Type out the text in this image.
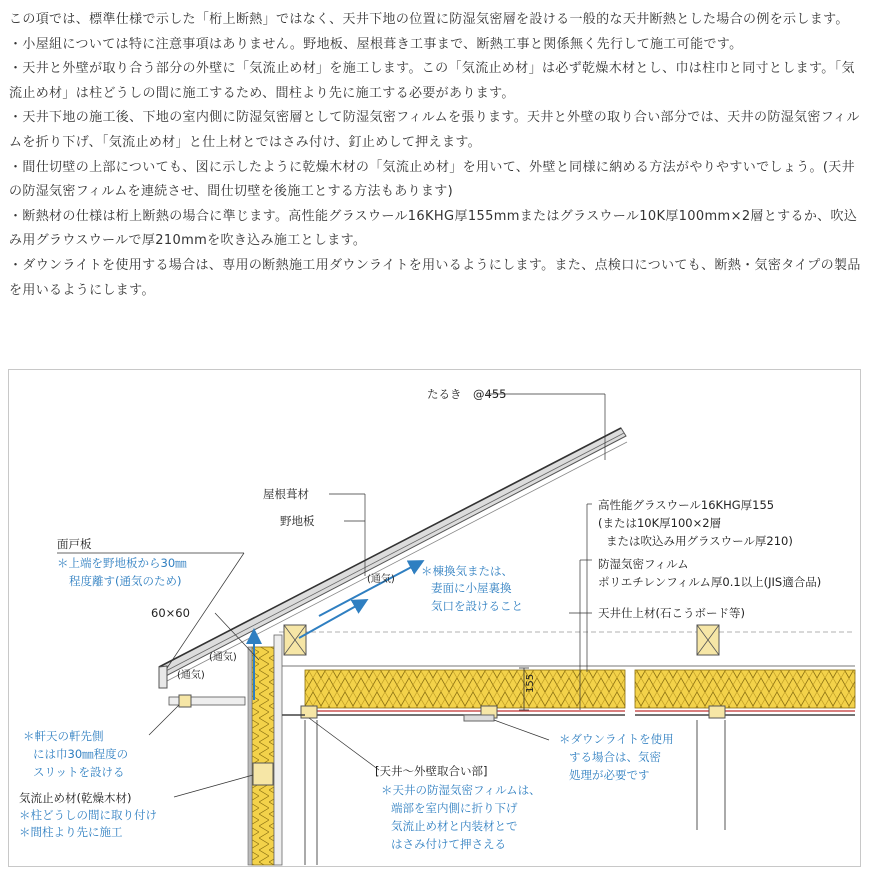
この項では、標準仕様で示した「桁上断熱」ではなく、天井下地の位置に防湿気密層を設ける一般的な天井断熱とした場合の例を示します。

・小屋組については特に注意事項はありません。野地板、屋根葺き工事まで、断熱工事と関係無く先行して施工可能です。

・天井と外壁が取り合う部分の外壁に「気流止め材」を施工します。この「気流止め材」は必ず乾燥木材とし、巾は柱巾と同寸とします。「気流止め材」は柱どうしの間に施工するため、間柱より先に施工する必要があります。

・天井下地の施工後、下地の室内側に防湿気密層として防湿気密フィルムを張ります。天井と外壁の取り合い部分では、天井の防湿気密フィルムを折り下げ、「気流止め材」と仕上材とではさみ付け、釘止めして押えます。

・間仕切壁の上部についても、図に示したように乾燥木材の「気流止め材」を用いて、外壁と同様に納める方法がやりやすいでしょう。(天井の防湿気密フィルムを連続させ、間仕切壁を後施工とする方法もあります)

・断熱材の仕様は桁上断熱の場合に準じます。高性能グラスウール16KHG厚155mmまたはグラスウール10K厚100mm×2層とするか、吹込み用グラウスウールで厚210mmを吹き込み施工とします。

・ダウンライトを使用する場合は、専用の断熱施工用ダウンライトを用いるようにします。また、点検口についても、断熱・気密タイプの製品を用いるようにします。

たるき　@455
屋根葺材
野地板
高性能グラスウール16KHG厚155
(または10K厚100×2層
または吹込み用グラスウール厚210)
防湿気密フィルム
ポリエチレンフィルム厚0.1以上(JIS適合品)
天井仕上材(石こうボード等)
面戸板
＊上端を野地板から30㎜
程度離す(通気のため)
＊棟換気または、
妻面に小屋裏換
気口を設けること
(通気)
(通気)
(通気)
60×60
155
＊軒天の軒先側
には巾30㎜程度の
スリットを設ける
気流止め材(乾燥木材)
＊柱どうしの間に取り付け
＊間柱より先に施工
[天井～外壁取合い部]
＊天井の防湿気密フィルムは、
端部を室内側に折り下げ
気流止め材と内装材とで
はさみ付けて押さえる
＊ダウンライトを使用
する場合は、気密
処理が必要です
